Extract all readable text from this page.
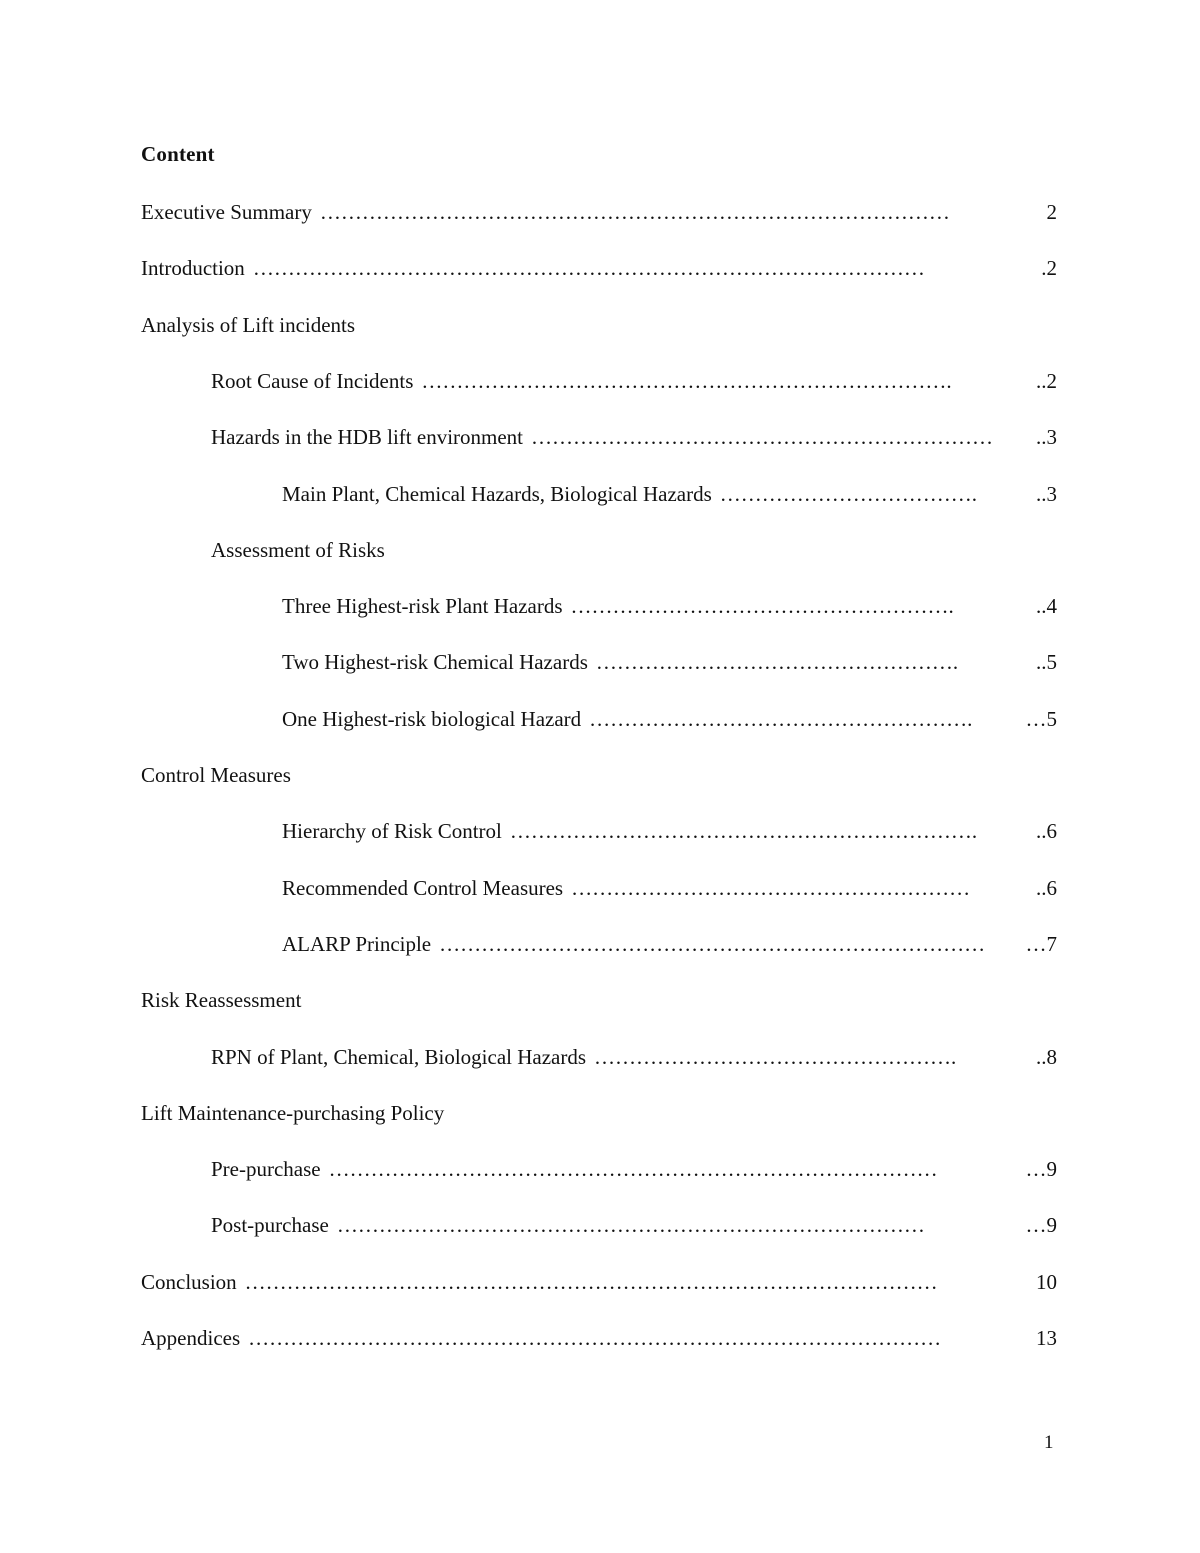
Content
Executive Summary ………………………………………………………………………………	2
Introduction ……………………………………………………………………………………	.2
Analysis of Lift incidents
Root Cause of Incidents ………………………………………………………………….	..2
Hazards in the HDB lift environment …………………………………………………………	..3
Main Plant, Chemical Hazards, Biological Hazards ……………………………….	..3
Assessment of Risks
Three Highest-risk Plant Hazards ……………………………………………….	..4
Two Highest-risk Chemical Hazards …………………………………………….	..5
One Highest-risk biological Hazard ……………………………………………….	…5
Control Measures
Hierarchy of Risk Control ………………………………………………………….	..6
Recommended Control Measures …………………………………………………	..6
ALARP Principle ……………………………………………………………………	…7
Risk Reassessment
RPN of Plant, Chemical, Biological Hazards …………………………………………….	..8
Lift Maintenance-purchasing Policy
Pre-purchase ……………………………………………………………………………	…9
Post-purchase …………………………………………………………………………	…9
Conclusion ………………………………………………………………………………………	10
Appendices ………………………………………………………………………………………	13
1
